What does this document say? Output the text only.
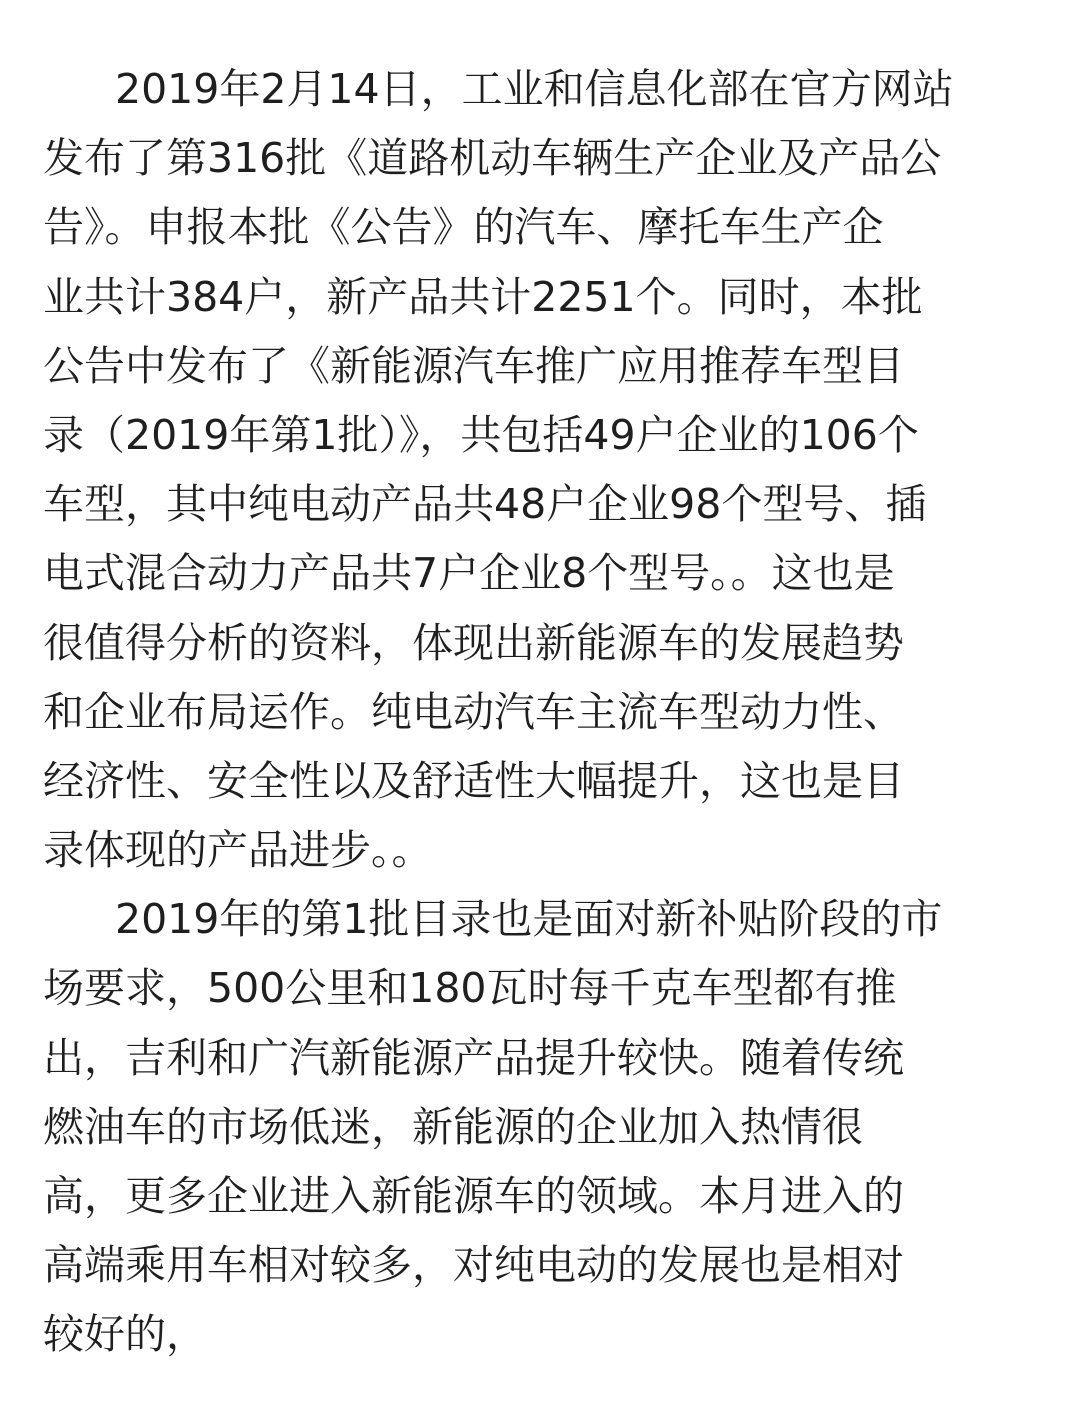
2019年2月14日，工业和信息化部在官方网站
发布了第316批《道路机动车辆生产企业及产品公
告》。申报本批《公告》的汽车、摩托车生产企
业共计384户，新产品共计2251个。同时，本批
公告中发布了《新能源汽车推广应用推荐车型目
录（2019年第1批）》，共包括49户企业的106个
车型，其中纯电动产品共48户企业98个型号、插
电式混合动力产品共7户企业8个型号。。这也是
很值得分析的资料，体现出新能源车的发展趋势
和企业布局运作。纯电动汽车主流车型动力性、
经济性、安全性以及舒适性大幅提升，这也是目
录体现的产品进步。。
2019年的第1批目录也是面对新补贴阶段的市
场要求，500公里和180瓦时每千克车型都有推
出，吉利和广汽新能源产品提升较快。随着传统
燃油车的市场低迷，新能源的企业加入热情很
高，更多企业进入新能源车的领域。本月进入的
高端乘用车相对较多，对纯电动的发展也是相对
较好的，
